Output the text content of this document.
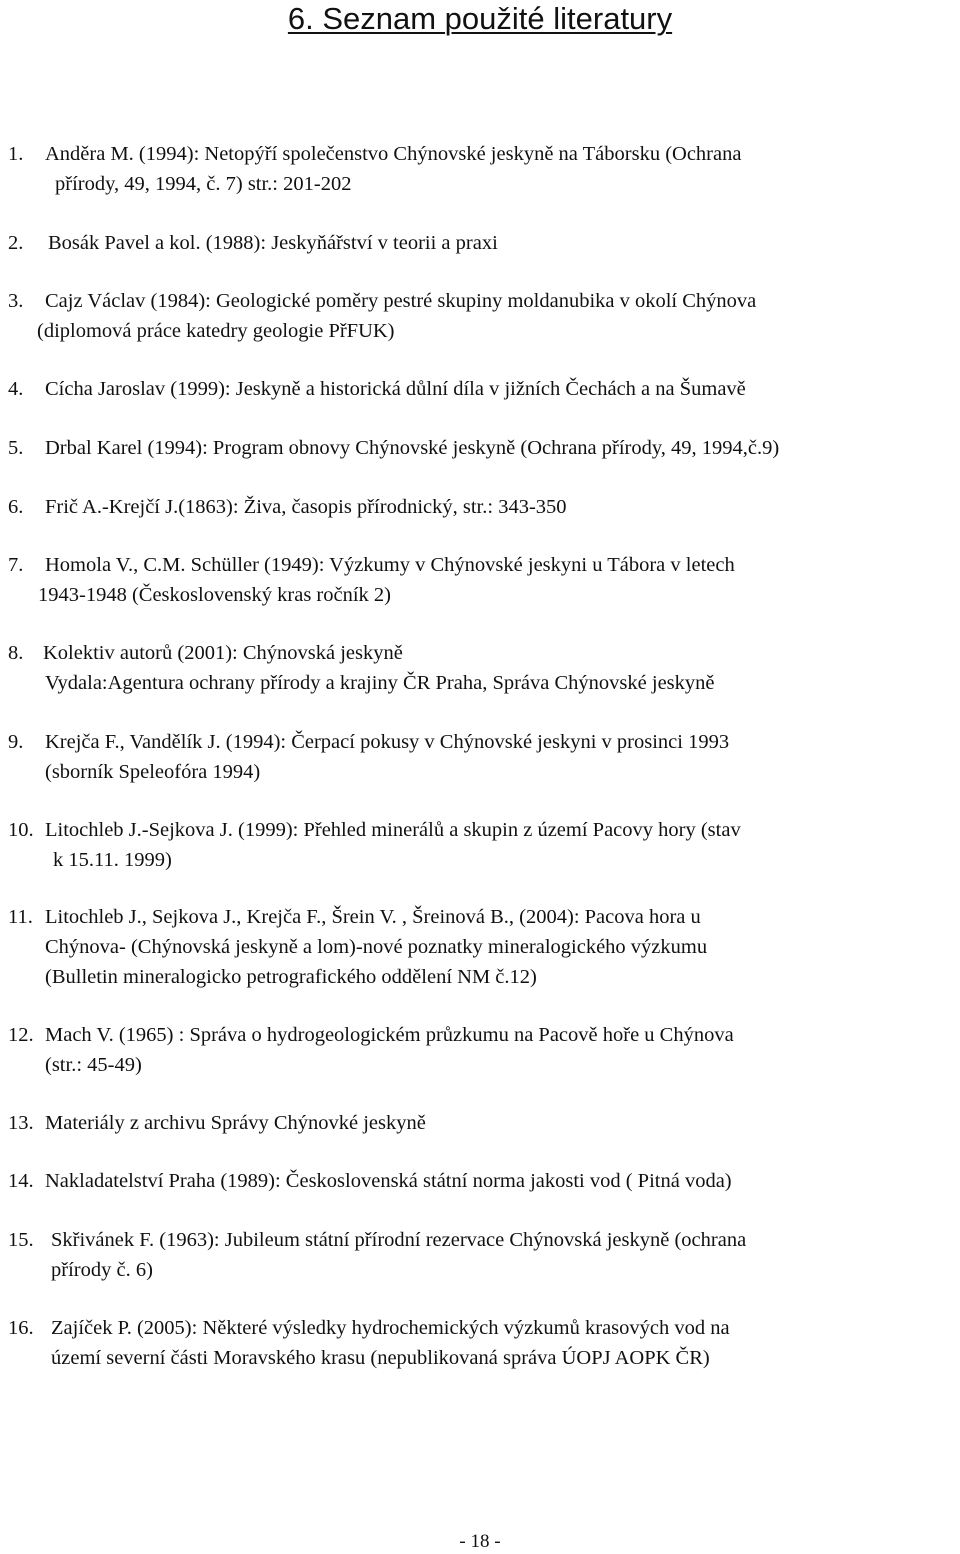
6. Seznam použité literatury
1. Anděra M. (1994): Netopýří společenstvo Chýnovské jeskyně na Táborsku (Ochrana
přírody, 49, 1994, č. 7) str.: 201-202
2. Bosák Pavel a kol. (1988): Jeskyňářství v teorii a praxi
3. Cajz Václav (1984): Geologické poměry pestré skupiny moldanubika v okolí Chýnova
(diplomová práce katedry geologie PřFUK)
4. Cícha Jaroslav (1999): Jeskyně a historická důlní díla v jižních Čechách a na Šumavě
5. Drbal Karel (1994): Program obnovy Chýnovské jeskyně (Ochrana přírody, 49, 1994,č.9)
6. Frič A.-Krejčí J.(1863): Živa, časopis přírodnický, str.: 343-350
7. Homola V., C.M. Schüller (1949): Výzkumy v Chýnovské jeskyni u Tábora v letech
1943-1948 (Československý kras ročník 2)
8. Kolektiv autorů (2001): Chýnovská jeskyně
Vydala:Agentura ochrany přírody a krajiny ČR Praha, Správa Chýnovské jeskyně
9. Krejča F., Vandělík J. (1994): Čerpací pokusy v Chýnovské jeskyni v prosinci 1993
(sborník Speleofóra 1994)
10. Litochleb J.-Sejkova J. (1999): Přehled minerálů a skupin z území Pacovy hory (stav
k 15.11. 1999)
11. Litochleb J., Sejkova J., Krejča F., Šrein V. , Šreinová B., (2004): Pacova hora u
Chýnova- (Chýnovská jeskyně a lom)-nové poznatky mineralogického výzkumu
(Bulletin mineralogicko petrografického oddělení NM č.12)
12. Mach V. (1965) : Správa o hydrogeologickém průzkumu na Pacově hoře u Chýnova
(str.: 45-49)
13. Materiály z archivu Správy Chýnovké jeskyně
14. Nakladatelství Praha (1989): Československá státní norma jakosti vod ( Pitná voda)
15. Skřivánek F. (1963): Jubileum státní přírodní rezervace Chýnovská jeskyně (ochrana
přírody č. 6)
16. Zajíček P. (2005): Některé výsledky hydrochemických výzkumů krasových vod na
území severní části Moravského krasu (nepublikovaná správa ÚOPJ AOPK ČR)
- 18 -
